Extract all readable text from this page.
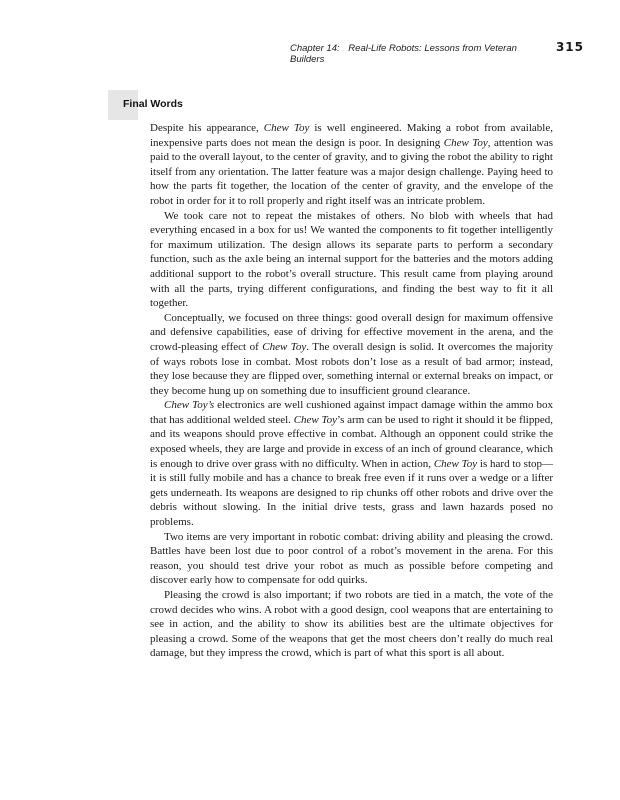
Chapter 14: Real-Life Robots: Lessons from Veteran Builders
315
Final Words

Despite his appearance, Chew Toy is well engineered. Making a robot from available, inexpensive parts does not mean the design is poor. In designing Chew Toy, attention was paid to the overall layout, to the center of gravity, and to giving the robot the ability to right itself from any orientation. The latter feature was a major design challenge. Paying heed to how the parts fit together, the location of the center of gravity, and the envelope of the robot in order for it to roll properly and right itself was an intricate problem.

We took care not to repeat the mistakes of others. No blob with wheels that had everything encased in a box for us! We wanted the components to fit together intelligently for maximum utilization. The design allows its separate parts to perform a secondary function, such as the axle being an internal support for the batteries and the motors adding additional support to the robot’s overall structure. This result came from playing around with all the parts, trying different configurations, and finding the best way to fit it all together.

Conceptually, we focused on three things: good overall design for maximum offensive and defensive capabilities, ease of driving for effective movement in the arena, and the crowd-pleasing effect of Chew Toy. The overall design is solid. It overcomes the majority of ways robots lose in combat. Most robots don’t lose as a result of bad armor; instead, they lose because they are flipped over, something internal or external breaks on impact, or they become hung up on something due to insufficient ground clearance.

Chew Toy’s electronics are well cushioned against impact damage within the ammo box that has additional welded steel. Chew Toy’s arm can be used to right it should it be flipped, and its weapons should prove effective in combat. Although an opponent could strike the exposed wheels, they are large and provide in excess of an inch of ground clearance, which is enough to drive over grass with no difficulty. When in action, Chew Toy is hard to stop—it is still fully mobile and has a chance to break free even if it runs over a wedge or a lifter gets underneath. Its weapons are designed to rip chunks off other robots and drive over the debris without slowing. In the initial drive tests, grass and lawn hazards posed no problems.

Two items are very important in robotic combat: driving ability and pleasing the crowd. Battles have been lost due to poor control of a robot’s movement in the arena. For this reason, you should test drive your robot as much as possible before competing and discover early how to compensate for odd quirks.

Pleasing the crowd is also important; if two robots are tied in a match, the vote of the crowd decides who wins. A robot with a good design, cool weapons that are entertaining to see in action, and the ability to show its abilities best are the ultimate objectives for pleasing a crowd. Some of the weapons that get the most cheers don’t really do much real damage, but they impress the crowd, which is part of what this sport is all about.
